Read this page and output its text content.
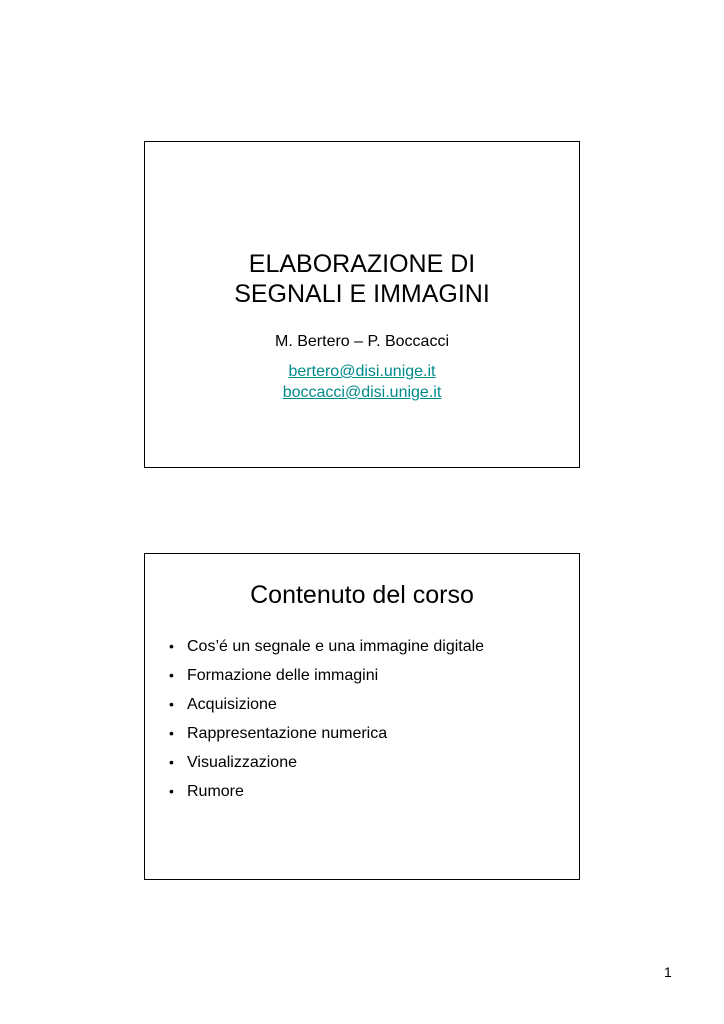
ELABORAZIONE DI
SEGNALI E IMMAGINI
M. Bertero – P. Boccacci
bertero@disi.unige.it
boccacci@disi.unige.it
Contenuto del corso
• Cos’é un segnale e una immagine digitale
• Formazione delle immagini
• Acquisizione
• Rappresentazione numerica
• Visualizzazione
• Rumore
1
